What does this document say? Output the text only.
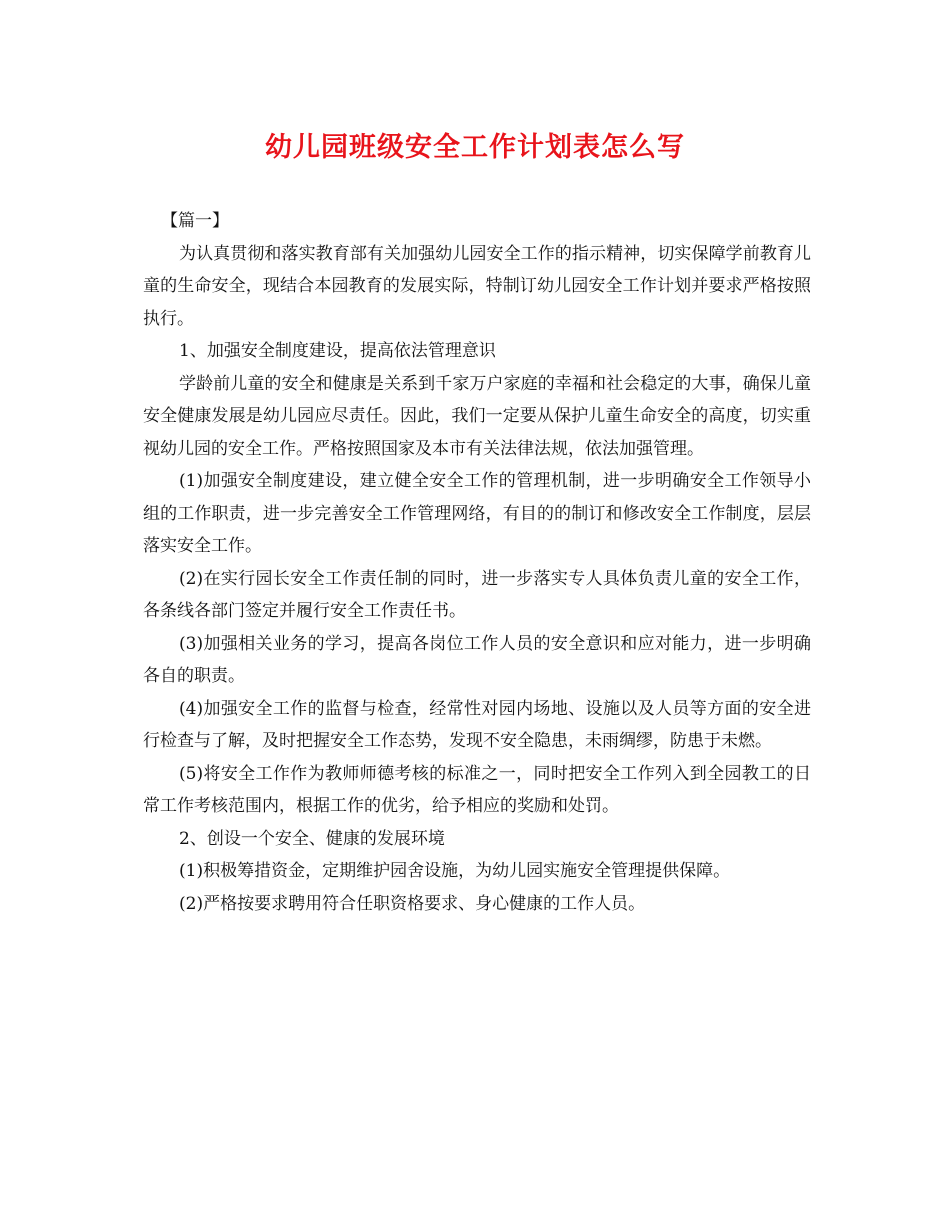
幼儿园班级安全工作计划表怎么写

【篇一】

为认真贯彻和落实教育部有关加强幼儿园安全工作的指示精神，切实保障学前教育儿童的生命安全，现结合本园教育的发展实际，特制订幼儿园安全工作计划并要求严格按照执行。

1、加强安全制度建设，提高依法管理意识

学龄前儿童的安全和健康是关系到千家万户家庭的幸福和社会稳定的大事，确保儿童安全健康发展是幼儿园应尽责任。因此，我们一定要从保护儿童生命安全的高度，切实重视幼儿园的安全工作。严格按照国家及本市有关法律法规，依法加强管理。

(1)加强安全制度建设，建立健全安全工作的管理机制，进一步明确安全工作领导小组的工作职责，进一步完善安全工作管理网络，有目的的制订和修改安全工作制度，层层落实安全工作。

(2)在实行园长安全工作责任制的同时，进一步落实专人具体负责儿童的安全工作，各条线各部门签定并履行安全工作责任书。

(3)加强相关业务的学习，提高各岗位工作人员的安全意识和应对能力，进一步明确各自的职责。

(4)加强安全工作的监督与检查，经常性对园内场地、设施以及人员等方面的安全进行检查与了解，及时把握安全工作态势，发现不安全隐患，未雨绸缪，防患于未燃。

(5)将安全工作作为教师师德考核的标准之一，同时把安全工作列入到全园教工的日常工作考核范围内，根据工作的优劣，给予相应的奖励和处罚。

2、创设一个安全、健康的发展环境

(1)积极筹措资金，定期维护园舍设施，为幼儿园实施安全管理提供保障。

(2)严格按要求聘用符合任职资格要求、身心健康的工作人员。
